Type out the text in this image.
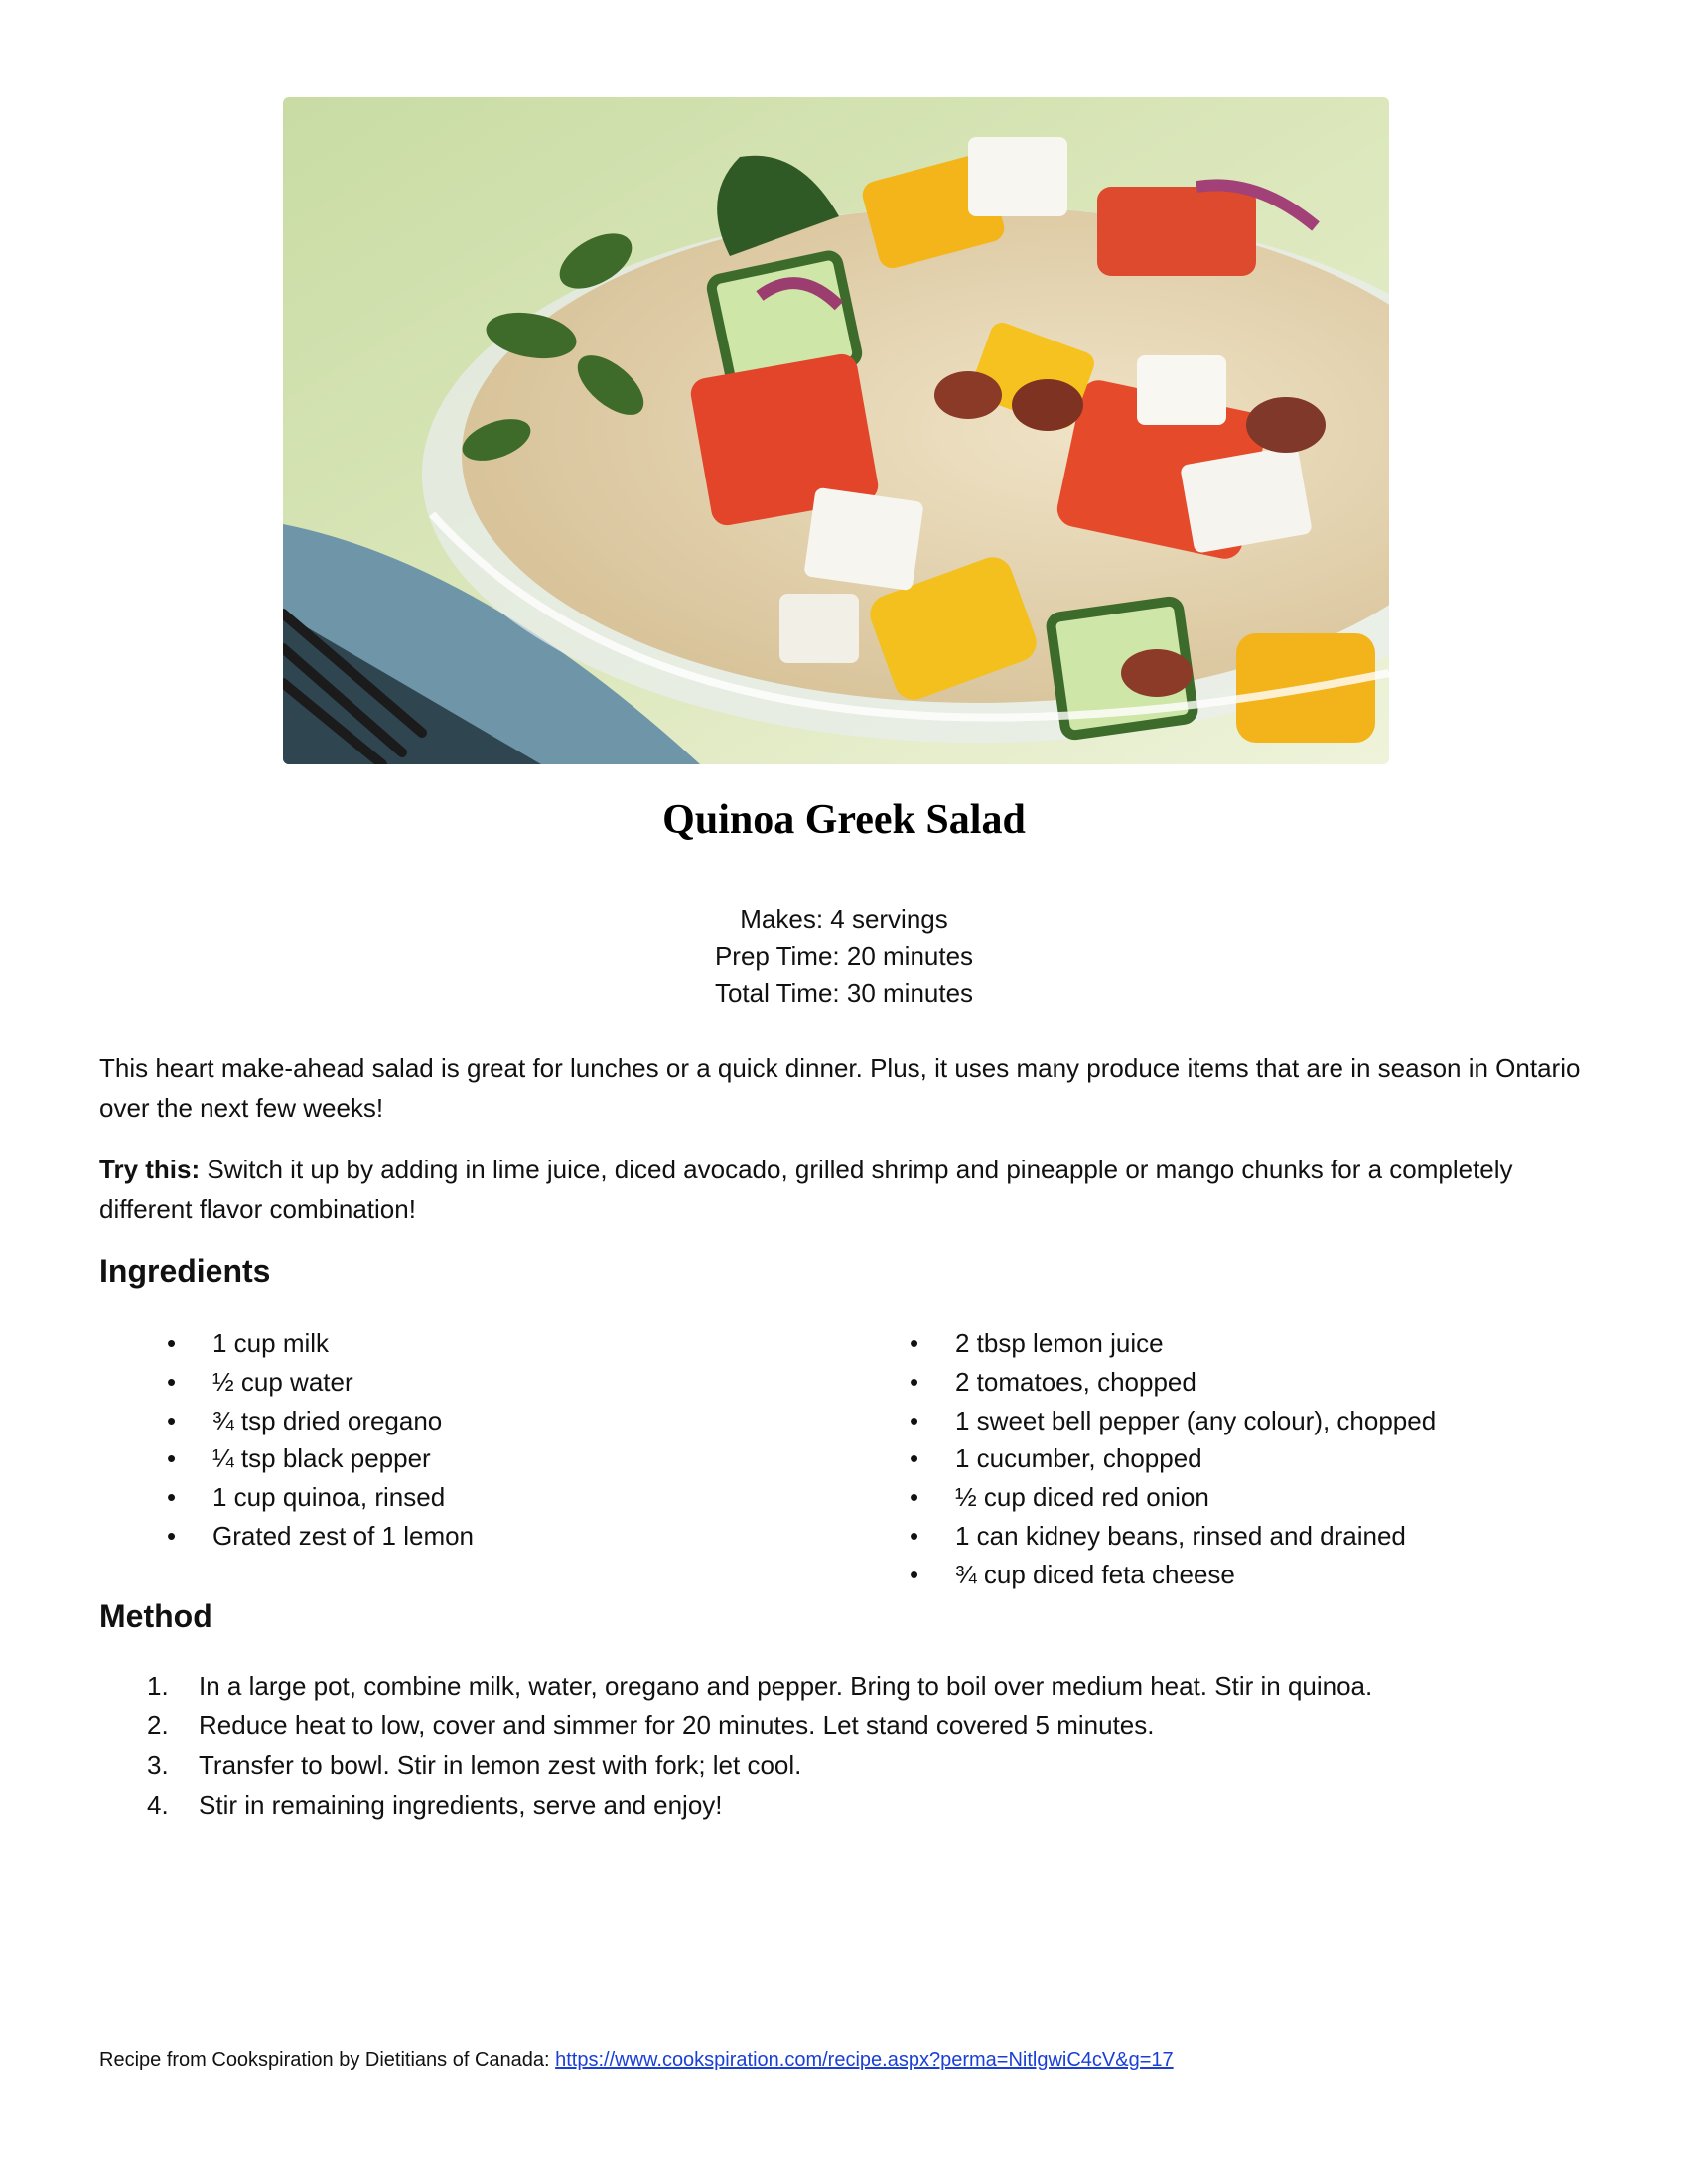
Quinoa Greek Salad
Makes: 4 servings
Prep Time: 20 minutes
Total Time: 30 minutes

This heart make-ahead salad is great for lunches or a quick dinner. Plus, it uses many produce items that are in season in Ontario over the next few weeks!

Try this: Switch it up by adding in lime juice, diced avocado, grilled shrimp and pineapple or mango chunks for a completely different flavor combination!

Ingredients
• 1 cup milk
• ½ cup water
• ¾ tsp dried oregano
• ¼ tsp black pepper
• 1 cup quinoa, rinsed
• Grated zest of 1 lemon
• 2 tbsp lemon juice
• 2 tomatoes, chopped
• 1 sweet bell pepper (any colour), chopped
• 1 cucumber, chopped
• ½ cup diced red onion
• 1 can kidney beans, rinsed and drained
• ¾ cup diced feta cheese
Method
1. In a large pot, combine milk, water, oregano and pepper. Bring to boil over medium heat. Stir in quinoa.
2. Reduce heat to low, cover and simmer for 20 minutes. Let stand covered 5 minutes.
3. Transfer to bowl. Stir in lemon zest with fork; let cool.
4. Stir in remaining ingredients, serve and enjoy!
Recipe from Cookspiration by Dietitians of Canada: https://www.cookspiration.com/recipe.aspx?perma=NitlgwiC4cV&g=17
